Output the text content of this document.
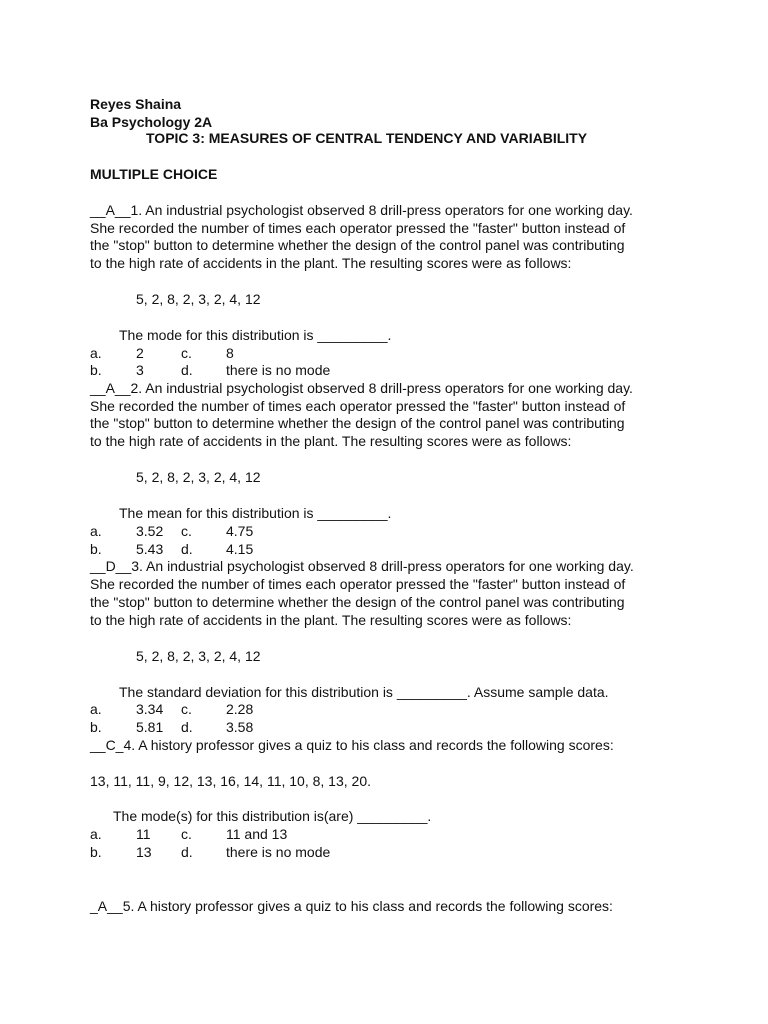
Reyes Shaina
Ba Psychology 2A
TOPIC 3: MEASURES OF CENTRAL TENDENCY AND VARIABILITY
MULTIPLE CHOICE
__A__1. An industrial psychologist observed 8 drill-press operators for one working day.
She recorded the number of times each operator pressed the "faster" button instead of
the "stop" button to determine whether the design of the control panel was contributing
to the high rate of accidents in the plant. The resulting scores were as follows:
5, 2, 8, 2, 3, 2, 4, 12
The mode for this distribution is _________.
a. 2	c. 8
b. 3	d. there is no mode
__A__2. An industrial psychologist observed 8 drill-press operators for one working day.
She recorded the number of times each operator pressed the "faster" button instead of
the "stop" button to determine whether the design of the control panel was contributing
to the high rate of accidents in the plant. The resulting scores were as follows:
5, 2, 8, 2, 3, 2, 4, 12
The mean for this distribution is _________.
a. 3.52 c. 4.75
b. 5.43 d. 4.15
__D__3. An industrial psychologist observed 8 drill-press operators for one working day.
She recorded the number of times each operator pressed the "faster" button instead of
the "stop" button to determine whether the design of the control panel was contributing
to the high rate of accidents in the plant. The resulting scores were as follows:
5, 2, 8, 2, 3, 2, 4, 12
The standard deviation for this distribution is _________. Assume sample data.
a. 3.34 c. 2.28
b. 5.81 d. 3.58
__C_4. A history professor gives a quiz to his class and records the following scores:
13, 11, 11, 9, 12, 13, 16, 14, 11, 10, 8, 13, 20.
The mode(s) for this distribution is(are) _________.
a. 11 c. 11 and 13
b. 13 d. there is no mode
_A__5. A history professor gives a quiz to his class and records the following scores:
